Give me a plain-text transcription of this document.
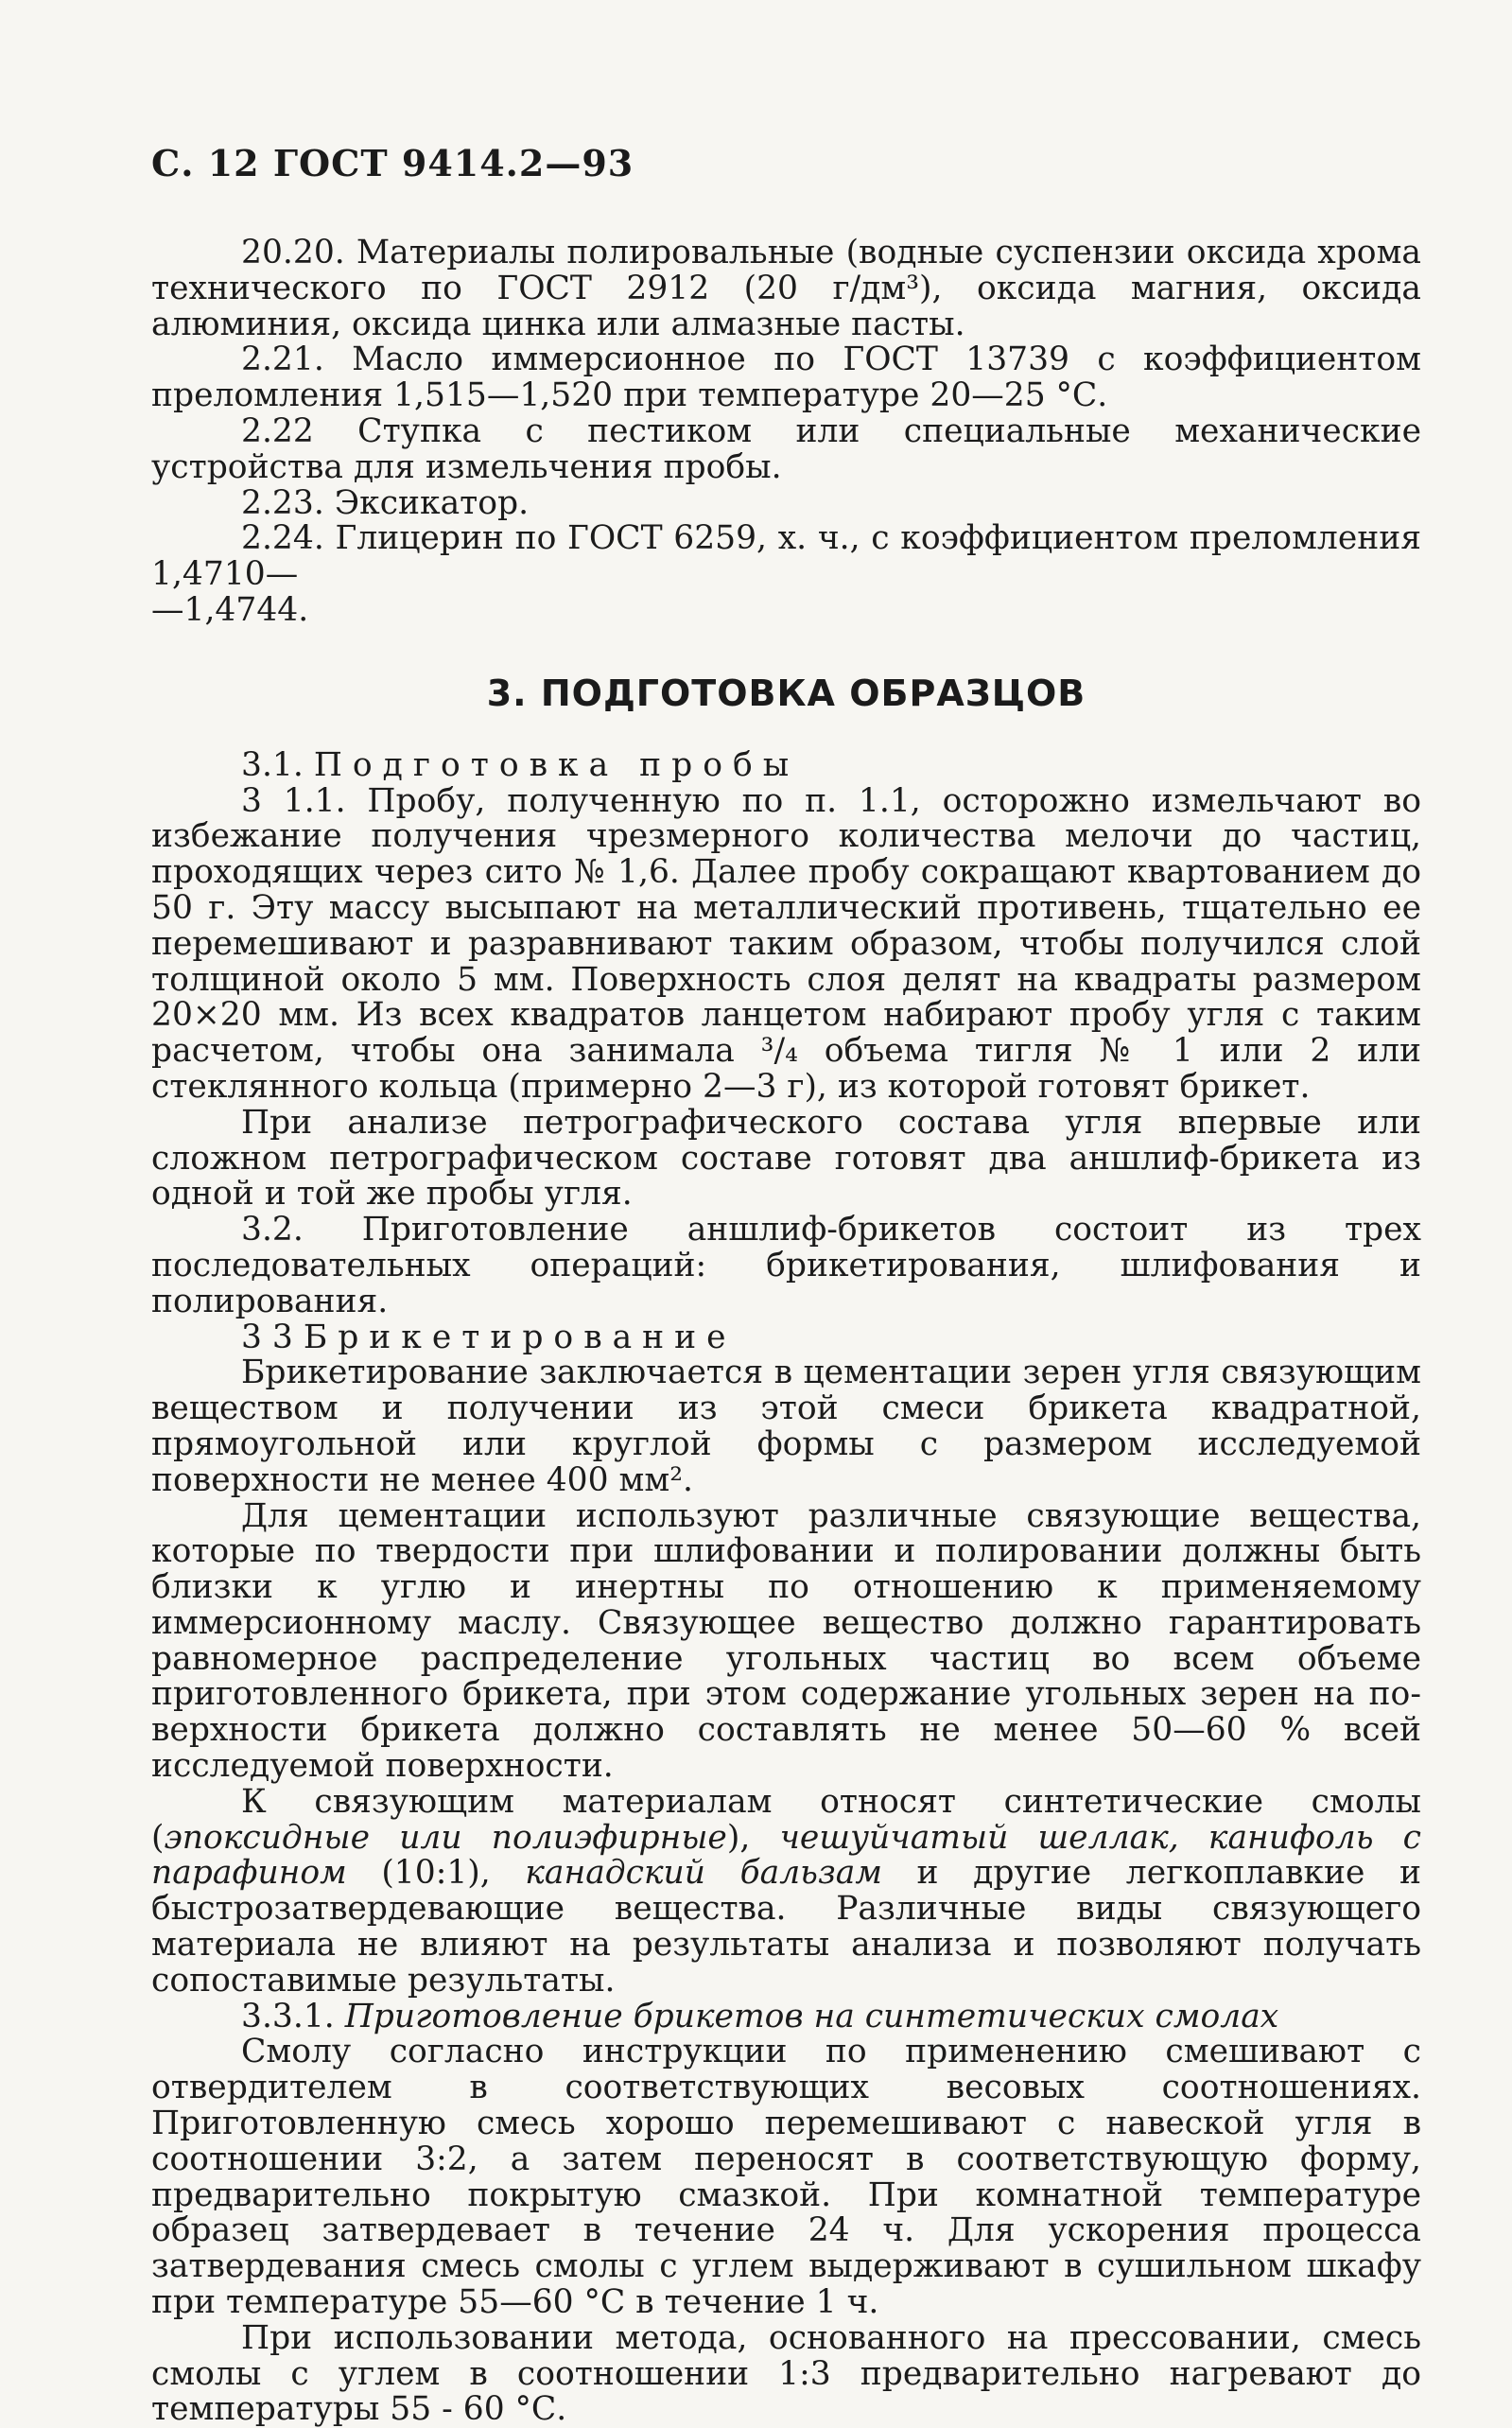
С. 12 ГОСТ 9414.2—93

20.20. Материалы полировальные (водные суспензии оксида хрома технического по ГОСТ 2912 (20 г/дм³), оксида магния, оксида алюминия, оксида цинка или алмазные пасты.

2.21. Масло иммерсионное по ГОСТ 13739 с коэффициентом преломления 1,515—1,520 при температуре 20—25 °С.

2.22 Ступка с пестиком или специальные механические устройства для измельчения пробы.

2.23. Эксикатор.

2.24. Глицерин по ГОСТ 6259, х. ч., с коэффициентом преломления 1,4710—
—1,4744.

3. ПОДГОТОВКА ОБРАЗЦОВ

3.1. Подготовка пробы

3 1.1. Пробу, полученную по п. 1.1, осторожно измельчают во избежание получения чрезмерного количества мелочи до частиц, проходящих через сито № 1,6. Далее пробу сокращают квартованием до 50 г. Эту массу высыпают на металлический противень, тщательно ее перемешивают и разравнивают таким образом, чтобы получился слой толщиной около 5 мм. Поверхность слоя делят на квадраты размером 20×20 мм. Из всех квадратов ланцетом набирают пробу угля с таким расчетом, чтобы она занимала ³/₄ объема тигля № 1 или 2 или стеклянного кольца (примерно 2—3 г), из которой готовят брикет.

При анализе петрографического состава угля впервые или сложном петрографическом составе готовят два аншлиф-брикета из одной и той же пробы угля.

3.2. Приготовление аншлиф-брикетов состоит из трех последовательных операций: брикетирования, шлифования и полирования.

3 3 Брикетирование

Брикетирование заключается в цементации зерен угля связующим веществом и получении из этой смеси брикета квадратной, прямоугольной или круглой формы с размером исследуемой поверхности не менее 400 мм².

Для цементации используют различные связующие вещества, которые по твердости при шлифовании и полировании должны быть близки к углю и инертны по отношению к применяемому иммерсионному маслу. Связующее вещество должно гарантировать равномерное распределение угольных частиц во всем объеме приготовленного брикета, при этом содержание угольных зерен на поверхности брикета должно составлять не менее 50—60 % всей исследуемой поверхности.

К связующим материалам относят синтетические смолы (эпоксидные или полиэфирные), чешуйчатый шеллак, канифоль с парафином (10:1), канадский бальзам и другие легкоплавкие и быстрозатвердевающие вещества. Различные виды связующего материала не влияют на результаты анализа и позволяют получать сопоставимые результаты.

3.3.1. Приготовление брикетов на синтетических смолах

Смолу согласно инструкции по применению смешивают с отвердителем в соответствующих весовых соотношениях. Приготовленную смесь хорошо перемешивают с навеской угля в соотношении 3:2, а затем переносят в соответствующую форму, предварительно покрытую смазкой. При комнатной температуре образец затвердевает в течение 24 ч. Для ускорения процесса затвердевания смесь смолы с углем выдерживают в сушильном шкафу при температуре 55—60 °С в течение 1 ч.

При использовании метода, основанного на прессовании, смесь смолы с углем в соотношении 1:3 предварительно нагревают до температуры 55 - 60 °С.
